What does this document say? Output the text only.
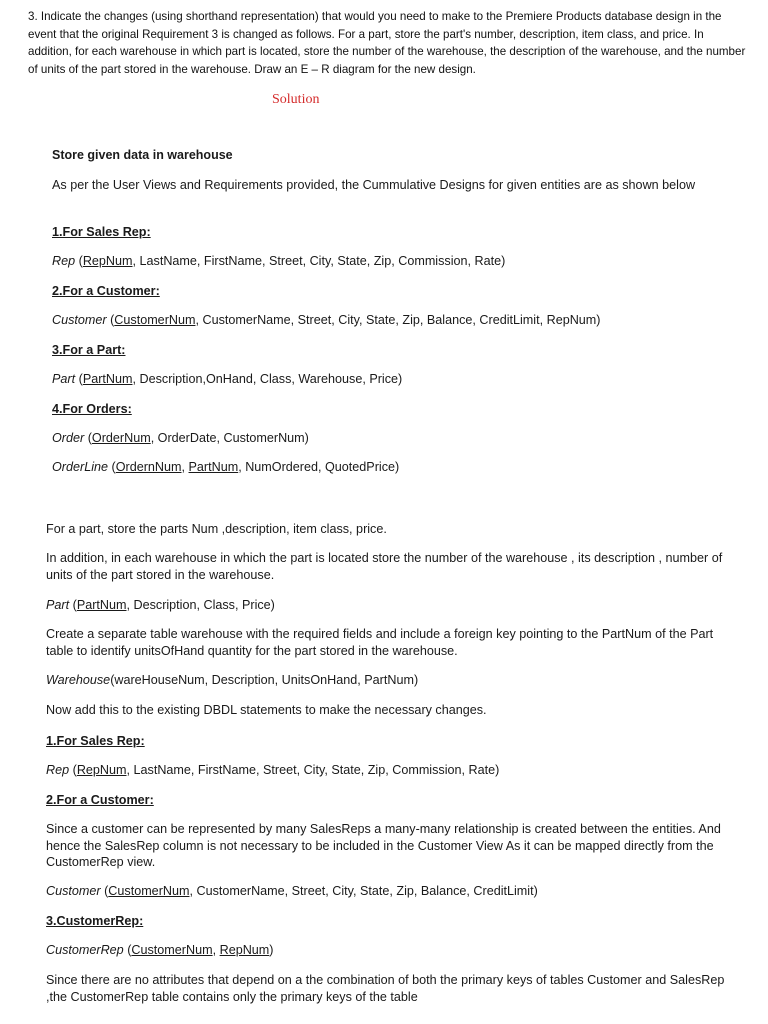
3. Indicate the changes (using shorthand representation) that would you need to make to the Premiere Products database design in the event that the original Requirement 3 is changed as follows. For a part, store the part's number, description, item class, and price. In addition, for each warehouse in which part is located, store the number of the warehouse, the description of the warehouse, and the number of units of the part stored in the warehouse. Draw an E – R diagram for the new design.

Solution

Store given data in warehouse

As per the User Views and Requirements provided, the Cummulative Designs for given entities are as shown below

1.For Sales Rep:

Rep (RepNum, LastName, FirstName, Street, City, State, Zip, Commission, Rate)

2.For a Customer:

Customer (CustomerNum, CustomerName, Street, City, State, Zip, Balance, CreditLimit, RepNum)

3.For a Part:

Part (PartNum, Description,OnHand, Class, Warehouse, Price)

4.For Orders:

Order (OrderNum, OrderDate, CustomerNum)

OrderLine (OrdernNum, PartNum, NumOrdered, QuotedPrice)

For a part, store the parts Num ,description, item class, price.

In addition, in each warehouse in which the part is located store the number of the warehouse , its description , number of units of the part stored in the warehouse.

Part (PartNum, Description, Class, Price)

Create a separate table warehouse with the required fields and include a foreign key pointing to the PartNum of the Part table to identify unitsOfHand quantity for the part stored in the warehouse.

Warehouse(wareHouseNum, Description, UnitsOnHand, PartNum)

Now add this to the existing DBDL statements to make the necessary changes.

1.For Sales Rep:

Rep (RepNum, LastName, FirstName, Street, City, State, Zip, Commission, Rate)

2.For a Customer:

Since a customer can be represented by many SalesReps a many-many relationship is created between the entities. And hence the SalesRep column is not necessary to be included in the Customer View As it can be mapped directly from the CustomerRep view.

Customer (CustomerNum, CustomerName, Street, City, State, Zip, Balance, CreditLimit)

3.CustomerRep:

CustomerRep (CustomerNum, RepNum)

Since there are no attributes that depend on a the combination of both the primary keys of tables Customer and SalesRep ,the CustomerRep table contains only the primary keys of the table
